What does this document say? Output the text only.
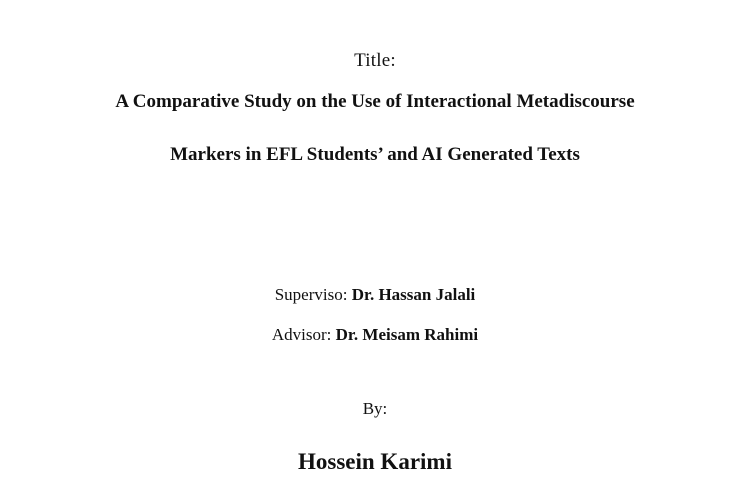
Title:
A Comparative Study on the Use of Interactional Metadiscourse
Markers in EFL Students’ and AI Generated Texts
Superviso: Dr. Hassan Jalali
Advisor: Dr. Meisam Rahimi
By:
Hossein Karimi
